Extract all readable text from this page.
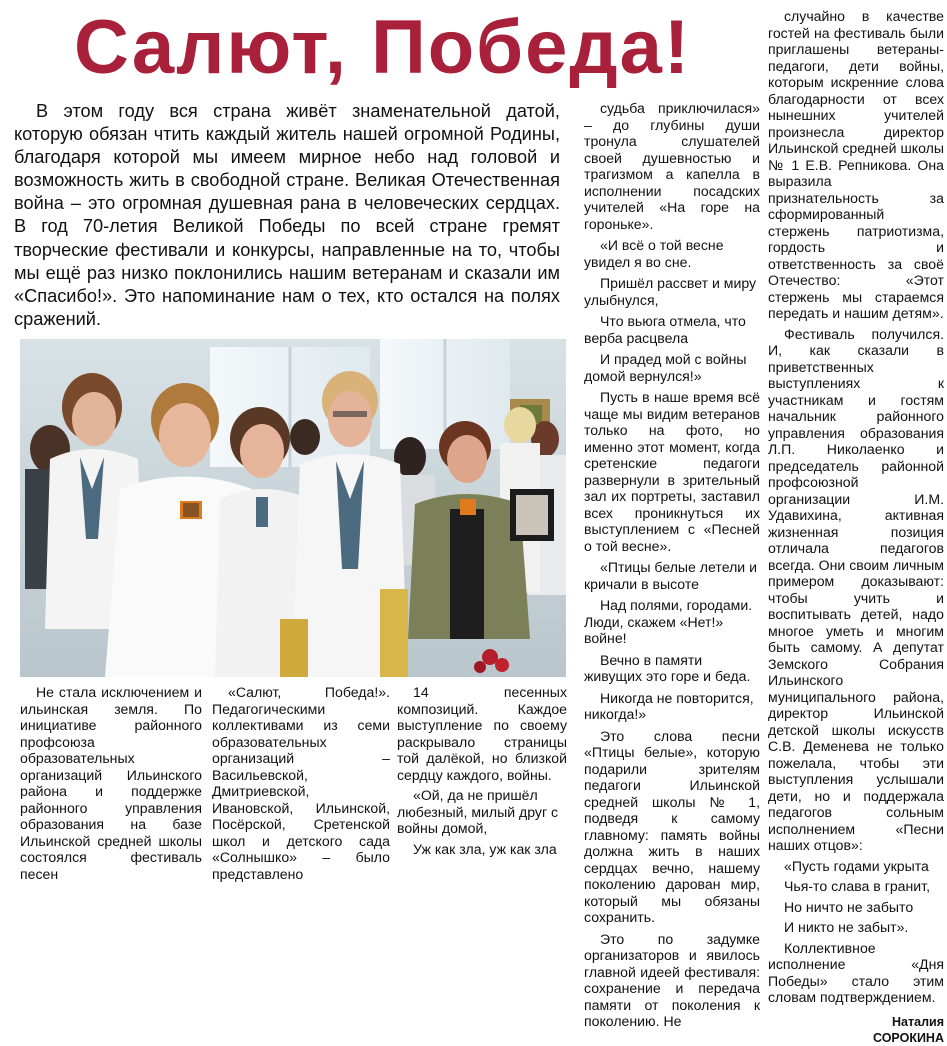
Салют, Победа!

В этом году вся страна живёт знаменательной датой, которую обязан чтить каждый житель нашей огромной Родины, благодаря которой мы имеем мирное небо над головой и возможность жить в свободной стране. Великая Отечественная война – это огромная душевная рана в человеческих сердцах. В год 70-летия Великой Победы по всей стране гремят творческие фестивали и конкурсы, направленные на то, чтобы мы ещё раз низко поклонились нашим ветеранам и сказали им «Спасибо!». Это напоминание нам о тех, кто остался на полях сражений.

Не стала исключением и ильинская земля. По инициативе районного профсоюза образовательных организаций Ильинского района и поддержке районного управления образования на базе Ильинской средней школы состоялся фестиваль песен

«Салют, Победа!». Педагогическими коллективами из семи образовательных организаций – Васильевской, Дмитриевской, Ивановской, Ильинской, Посёрской, Сретенской школ и детского сада «Солнышко» – было представлено

14 песенных композиций. Каждое выступление по своему раскрывало страницы той далёкой, но близкой сердцу каждого, войны.

«Ой, да не пришёл любезный, милый друг с войны домой,

Уж как зла, уж как зла

судьба приключилася» – до глубины души тронула слушателей своей душевностью и трагизмом а капелла в исполнении посадских учителей «На горе на гороньке».

«И всё о той весне увидел я во сне.

Пришёл рассвет и миру улыбнулся,

Что вьюга отмела, что верба расцвела

И прадед мой с войны домой вернулся!»

Пусть в наше время всё чаще мы видим ветеранов только на фото, но именно этот момент, когда сретенские педагоги развернули в зрительный зал их портреты, заставил всех проникнуться их выступлением с «Песней о той весне».

«Птицы белые летели и кричали в высоте

Над полями, городами. Люди, скажем «Нет!» войне!

Вечно в памяти живущих это горе и беда.

Никогда не повторится, никогда!»

Это слова песни «Птицы белые», которую подарили зрителям педагоги Ильинской средней школы № 1, подведя к самому главному: память войны должна жить в наших сердцах вечно, нашему поколению дарован мир, который мы обязаны сохранить.

Это по задумке организаторов и явилось главной идеей фестиваля: сохранение и передача памяти от поколения к поколению. Не

случайно в качестве гостей на фестиваль были приглашены ветераны-педагоги, дети войны, которым искренние слова благодарности от всех нынешних учителей произнесла директор Ильинской средней школы № 1 Е.В. Репникова. Она выразила признательность за сформированный стержень патриотизма, гордость и ответственность за своё Отечество: «Этот стержень мы стараемся передать и нашим детям».

Фестиваль получился. И, как сказали в приветственных выступлениях к участникам и гостям начальник районного управления образования Л.П. Николаенко и председатель районной профсоюзной организации И.М. Удавихина, активная жизненная позиция отличала педагогов всегда. Они своим личным примером доказывают: чтобы учить и воспитывать детей, надо многое уметь и многим быть самому. А депутат Земского Собрания Ильинского муниципального района, директор Ильинской детской школы искусств С.В. Деменева не только пожелала, чтобы эти выступления услышали дети, но и поддержала педагогов сольным исполнением «Песни наших отцов»:

«Пусть годами укрыта

Чья-то слава в гранит,

Но ничто не забыто

И никто не забыт».

Коллективное исполнение «Дня Победы» стало этим словам подтверждением.

Наталия
СОРОКИНА
